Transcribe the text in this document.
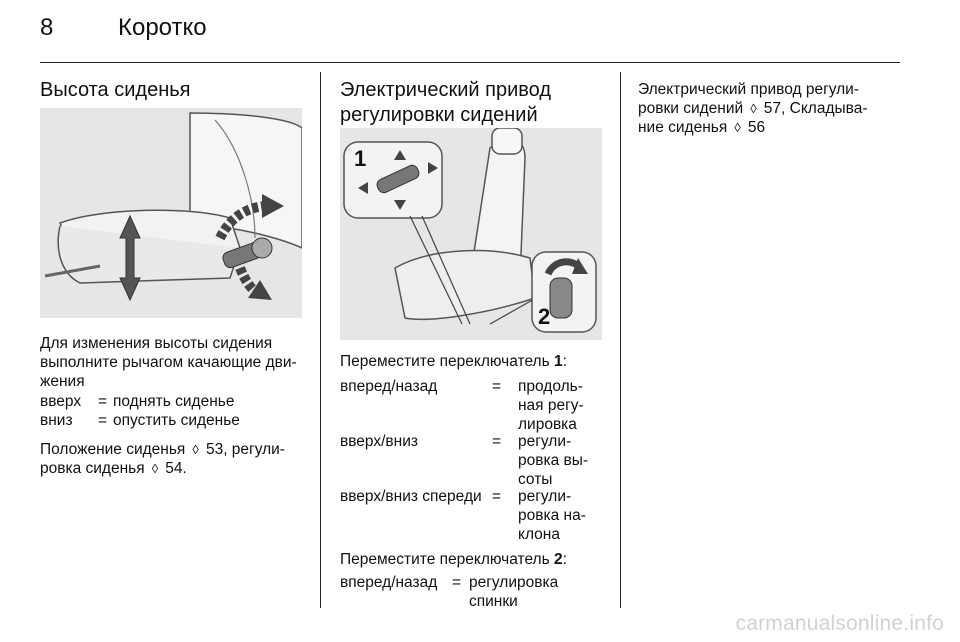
8	Коротко
Высота сиденья

Для изменения высоты сидения

выполните рычагом качающие дви-

жения

вверх = поднять сиденье
вниз = опустить сиденье

Положение сиденья ◊ 53, регули-

ровка сиденья ◊ 54.

Электрический привод

регулировки сидений

1
2
Переместите переключатель 1:
вперед/назад	= продоль-
ная регу-
лировка
вверх/вниз	= регули-
ровка вы-
соты
вверх/вниз спереди = регули-
ровка на-
клона
Переместите переключатель 2:
вперед/назад = регулировка
спинки

Электрический привод регули-

ровки сидений ◊ 57, Складыва-

ние сиденья ◊ 56

carmanualsonline.info
